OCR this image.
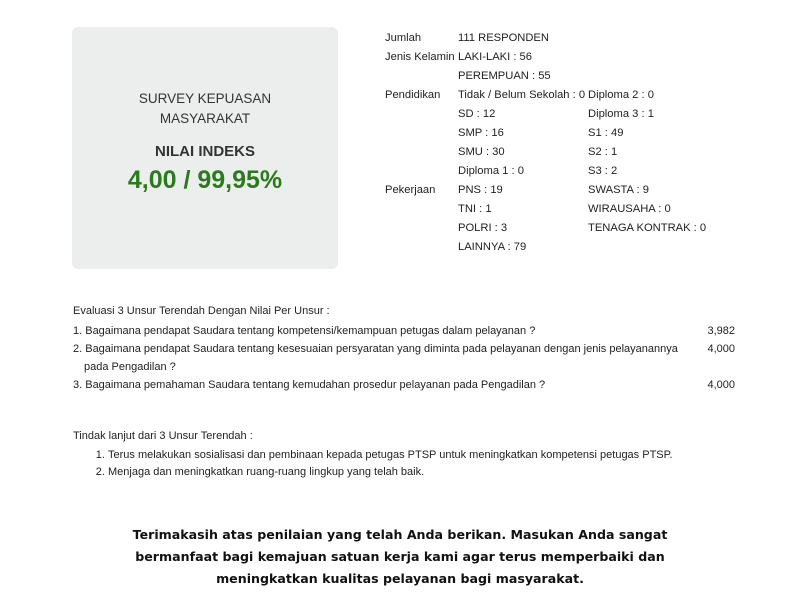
SURVEY KEPUASAN
MASYARAKAT
NILAI INDEKS
4,00 / 99,95%
Jumlah	111 RESPONDEN
Jenis Kelamin LAKI-LAKI : 56
PEREMPUAN : 55
Pendidikan Tidak / Belum Sekolah : 0 Diploma 2 : 0
SD : 12	Diploma 3 : 1
SMP : 16	S1 : 49
SMU : 30	S2 : 1
Diploma 1 : 0	S3 : 2
Pekerjaan PNS : 19	SWASTA : 9
TNI : 1	WIRAUSAHA : 0
POLRI : 3	TENAGA KONTRAK : 0
LAINNYA : 79
Evaluasi 3 Unsur Terendah Dengan Nilai Per Unsur :
1. Bagaimana pendapat Saudara tentang kompetensi/kemampuan petugas dalam pelayanan ?	3,982
2. Bagaimana pendapat Saudara tentang kesesuaian persyaratan yang diminta pada pelayanan dengan jenis pelayanannya pada Pengadilan ?
4,000
3. Bagaimana pemahaman Saudara tentang kemudahan prosedur pelayanan pada Pengadilan ?	4,000
Tindak lanjut dari 3 Unsur Terendah :
1. Terus melakukan sosialisasi dan pembinaan kepada petugas PTSP untuk meningkatkan kompetensi petugas PTSP.
2. Menjaga dan meningkatkan ruang-ruang lingkup yang telah baik.
Terimakasih atas penilaian yang telah Anda berikan. Masukan Anda sangat
bermanfaat bagi kemajuan satuan kerja kami agar terus memperbaiki dan
meningkatkan kualitas pelayanan bagi masyarakat.
